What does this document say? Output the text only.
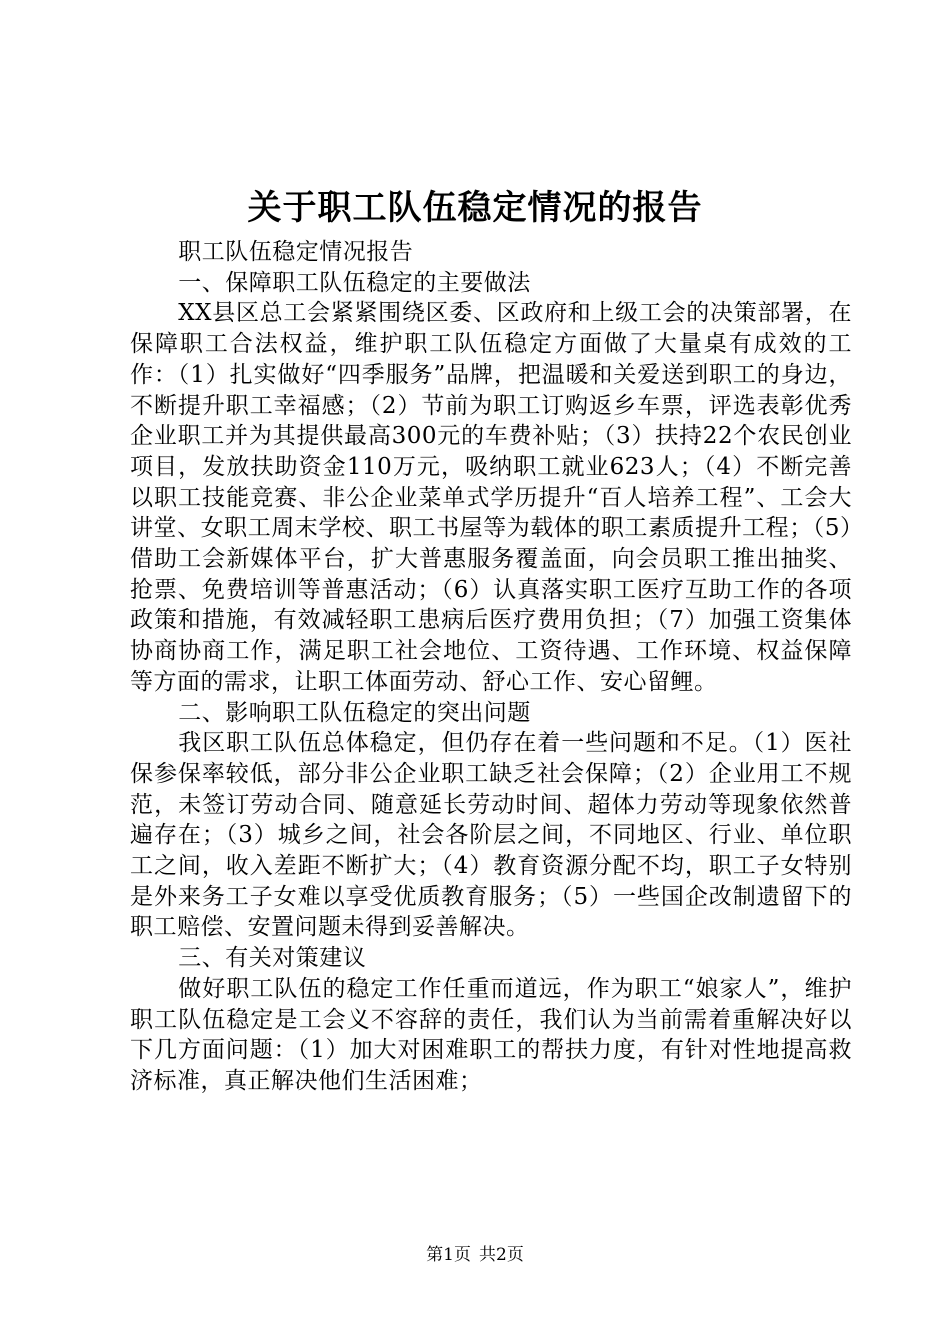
关于职工队伍稳定情况的报告

职工队伍稳定情况报告

一、保障职工队伍稳定的主要做法

XX县区总工会紧紧围绕区委、区政府和上级工会的决策部署，在保障职工合法权益，维护职工队伍稳定方面做了大量桌有成效的工作：（1）扎实做好“四季服务”品牌，把温暖和关爱送到职工的身边，不断提升职工幸福感；（2）节前为职工订购返乡车票，评选表彰优秀企业职工并为其提供最高300元的车费补贴；（3）扶持22个农民创业项目，发放扶助资金110万元，吸纳职工就业623人；（4）不断完善以职工技能竞赛、非公企业菜单式学历提升“百人培养工程”、工会大讲堂、女职工周末学校、职工书屋等为载体的职工素质提升工程；（5）借助工会新媒体平台，扩大普惠服务覆盖面，向会员职工推出抽奖、抢票、免费培训等普惠活动；（6）认真落实职工医疗互助工作的各项政策和措施，有效减轻职工患病后医疗费用负担；（7）加强工资集体协商协商工作，满足职工社会地位、工资待遇、工作环境、权益保障等方面的需求，让职工体面劳动、舒心工作、安心留鲤。

二、影响职工队伍稳定的突出问题

我区职工队伍总体稳定，但仍存在着一些问题和不足。（1）医社保参保率较低，部分非公企业职工缺乏社会保障；（2）企业用工不规范，未签订劳动合同、随意延长劳动时间、超体力劳动等现象依然普遍存在；（3）城乡之间，社会各阶层之间，不同地区、行业、单位职工之间，收入差距不断扩大；（4）教育资源分配不均，职工子女特别是外来务工子女难以享受优质教育服务；（5）一些国企改制遗留下的职工赔偿、安置问题未得到妥善解决。

三、有关对策建议

做好职工队伍的稳定工作任重而道远，作为职工“娘家人”，维护职工队伍稳定是工会义不容辞的责任，我们认为当前需着重解决好以下几方面问题：（1）加大对困难职工的帮扶力度，有针对性地提高救济标准，真正解决他们生活困难；

第1页 共2页
